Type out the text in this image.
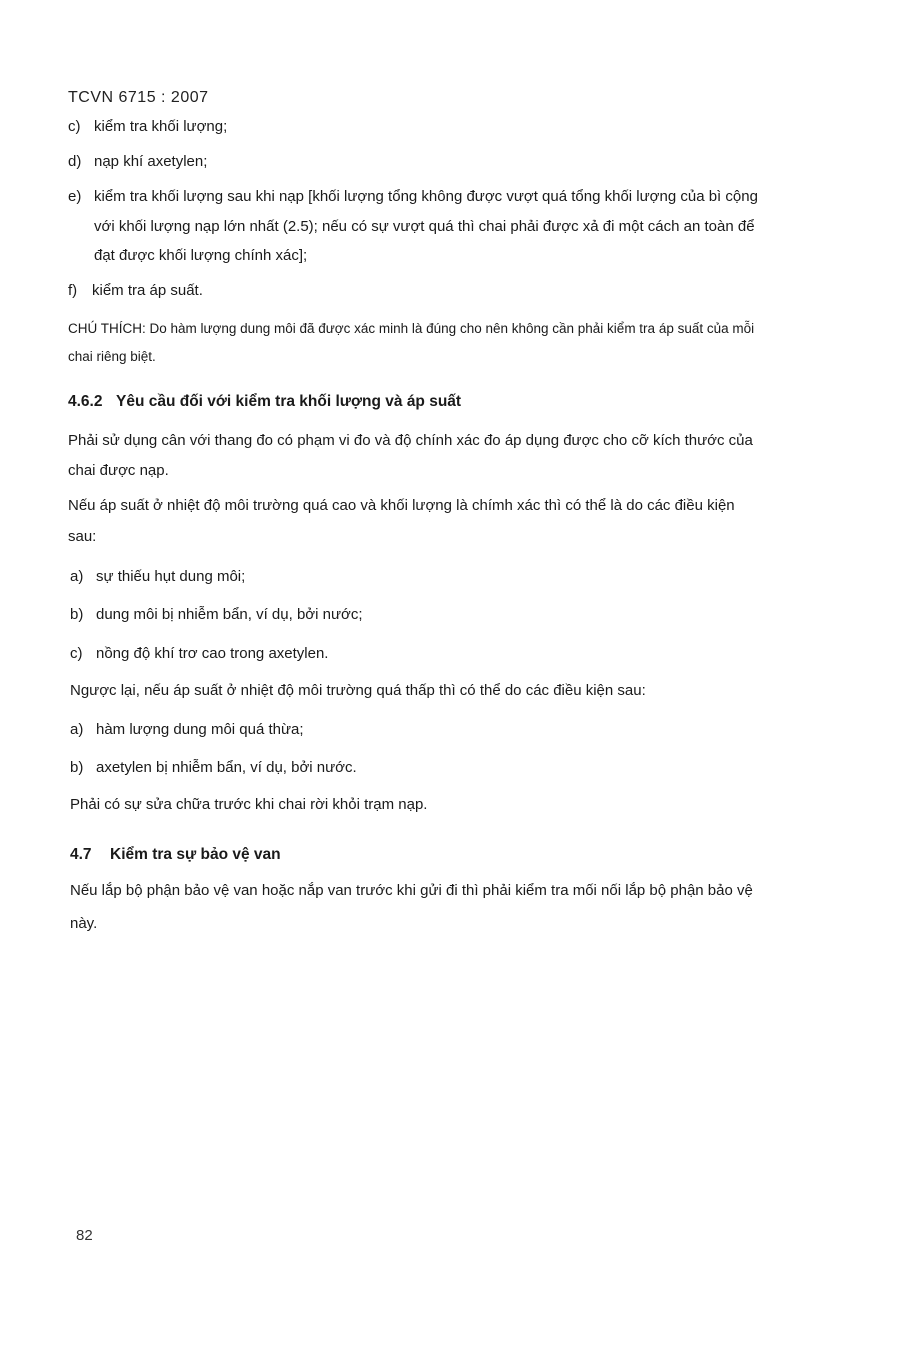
TCVN 6715 : 2007
c) kiểm tra khối lượng;
d) nạp khí axetylen;
e) kiểm tra khối lượng sau khi nạp [khối lượng tổng không được vượt quá tổng khối lượng của bì cộng
với khối lượng nạp lớn nhất (2.5); nếu có sự vượt quá thì chai phải được xả đi một cách an toàn để
đạt được khối lượng chính xác];
f) kiểm tra áp suất.
CHÚ THÍCH: Do hàm lượng dung môi đã được xác minh là đúng cho nên không cần phải kiểm tra áp suất của mỗi
chai riêng biệt.
4.6.2 Yêu cầu đối với kiểm tra khối lượng và áp suất
Phải sử dụng cân với thang đo có phạm vi đo và độ chính xác đo áp dụng được cho cỡ kích thước của
chai được nạp.
Nếu áp suất ở nhiệt độ môi trường quá cao và khối lượng là chímh xác thì có thể là do các điều kiện
sau:
a) sự thiếu hụt dung môi;
b) dung môi bị nhiễm bẩn, ví dụ, bởi nước;
c) nồng độ khí trơ cao trong axetylen.
Ngược lại, nếu áp suất ở nhiệt độ môi trường quá thấp thì có thể do các điều kiện sau:
a) hàm lượng dung môi quá thừa;
b) axetylen bị nhiễm bẩn, ví dụ, bởi nước.
Phải có sự sửa chữa trước khi chai rời khỏi trạm nạp.
4.7 Kiểm tra sự bảo vệ van
Nếu lắp bộ phận bảo vệ van hoặc nắp van trước khi gửi đi thì phải kiểm tra mối nối lắp bộ phận bảo vệ
này.
82
